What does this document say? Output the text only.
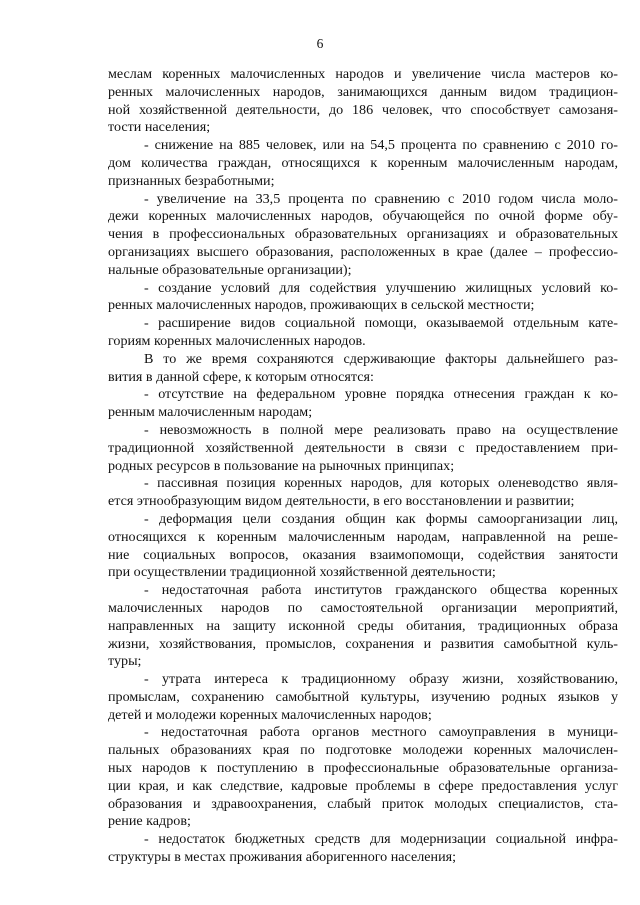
6
меслам коренных малочисленных народов и увеличение числа мастеров ко-
ренных малочисленных народов, занимающихся данным видом традицион-
ной хозяйственной деятельности, до 186 человек, что способствует самозаня-
тости населения;
- снижение на 885 человек, или на 54,5 процента по сравнению с 2010 го-
дом количества граждан, относящихся к коренным малочисленным народам,
признанных безработными;
- увеличение на 33,5 процента по сравнению с 2010 годом числа моло-
дежи коренных малочисленных народов, обучающейся по очной форме обу-
чения в профессиональных образовательных организациях и образовательных
организациях высшего образования, расположенных в крае (далее – профессио-
нальные образовательные организации);
- создание условий для содействия улучшению жилищных условий ко-
ренных малочисленных народов, проживающих в сельской местности;
- расширение видов социальной помощи, оказываемой отдельным кате-
гориям коренных малочисленных народов.
В то же время сохраняются сдерживающие факторы дальнейшего раз-
вития в данной сфере, к которым относятся:
- отсутствие на федеральном уровне порядка отнесения граждан к ко-
ренным малочисленным народам;
- невозможность в полной мере реализовать право на осуществление
традиционной хозяйственной деятельности в связи с предоставлением при-
родных ресурсов в пользование на рыночных принципах;
- пассивная позиция коренных народов, для которых оленеводство явля-
ется этнообразующим видом деятельности, в его восстановлении и развитии;
- деформация цели создания общин как формы самоорганизации лиц,
относящихся к коренным малочисленным народам, направленной на реше-
ние социальных вопросов, оказания взаимопомощи, содействия занятости
при осуществлении традиционной хозяйственной деятельности;
- недостаточная работа институтов гражданского общества коренных
малочисленных народов по самостоятельной организации мероприятий,
направленных на защиту исконной среды обитания, традиционных образа
жизни, хозяйствования, промыслов, сохранения и развития самобытной куль-
туры;
- утрата интереса к традиционному образу жизни, хозяйствованию,
промыслам, сохранению самобытной культуры, изучению родных языков у
детей и молодежи коренных малочисленных народов;
- недостаточная работа органов местного самоуправления в муници-
пальных образованиях края по подготовке молодежи коренных малочислен-
ных народов к поступлению в профессиональные образовательные организа-
ции края, и как следствие, кадровые проблемы в сфере предоставления услуг
образования и здравоохранения, слабый приток молодых специалистов, ста-
рение кадров;
- недостаток бюджетных средств для модернизации социальной инфра-
структуры в местах проживания аборигенного населения;
